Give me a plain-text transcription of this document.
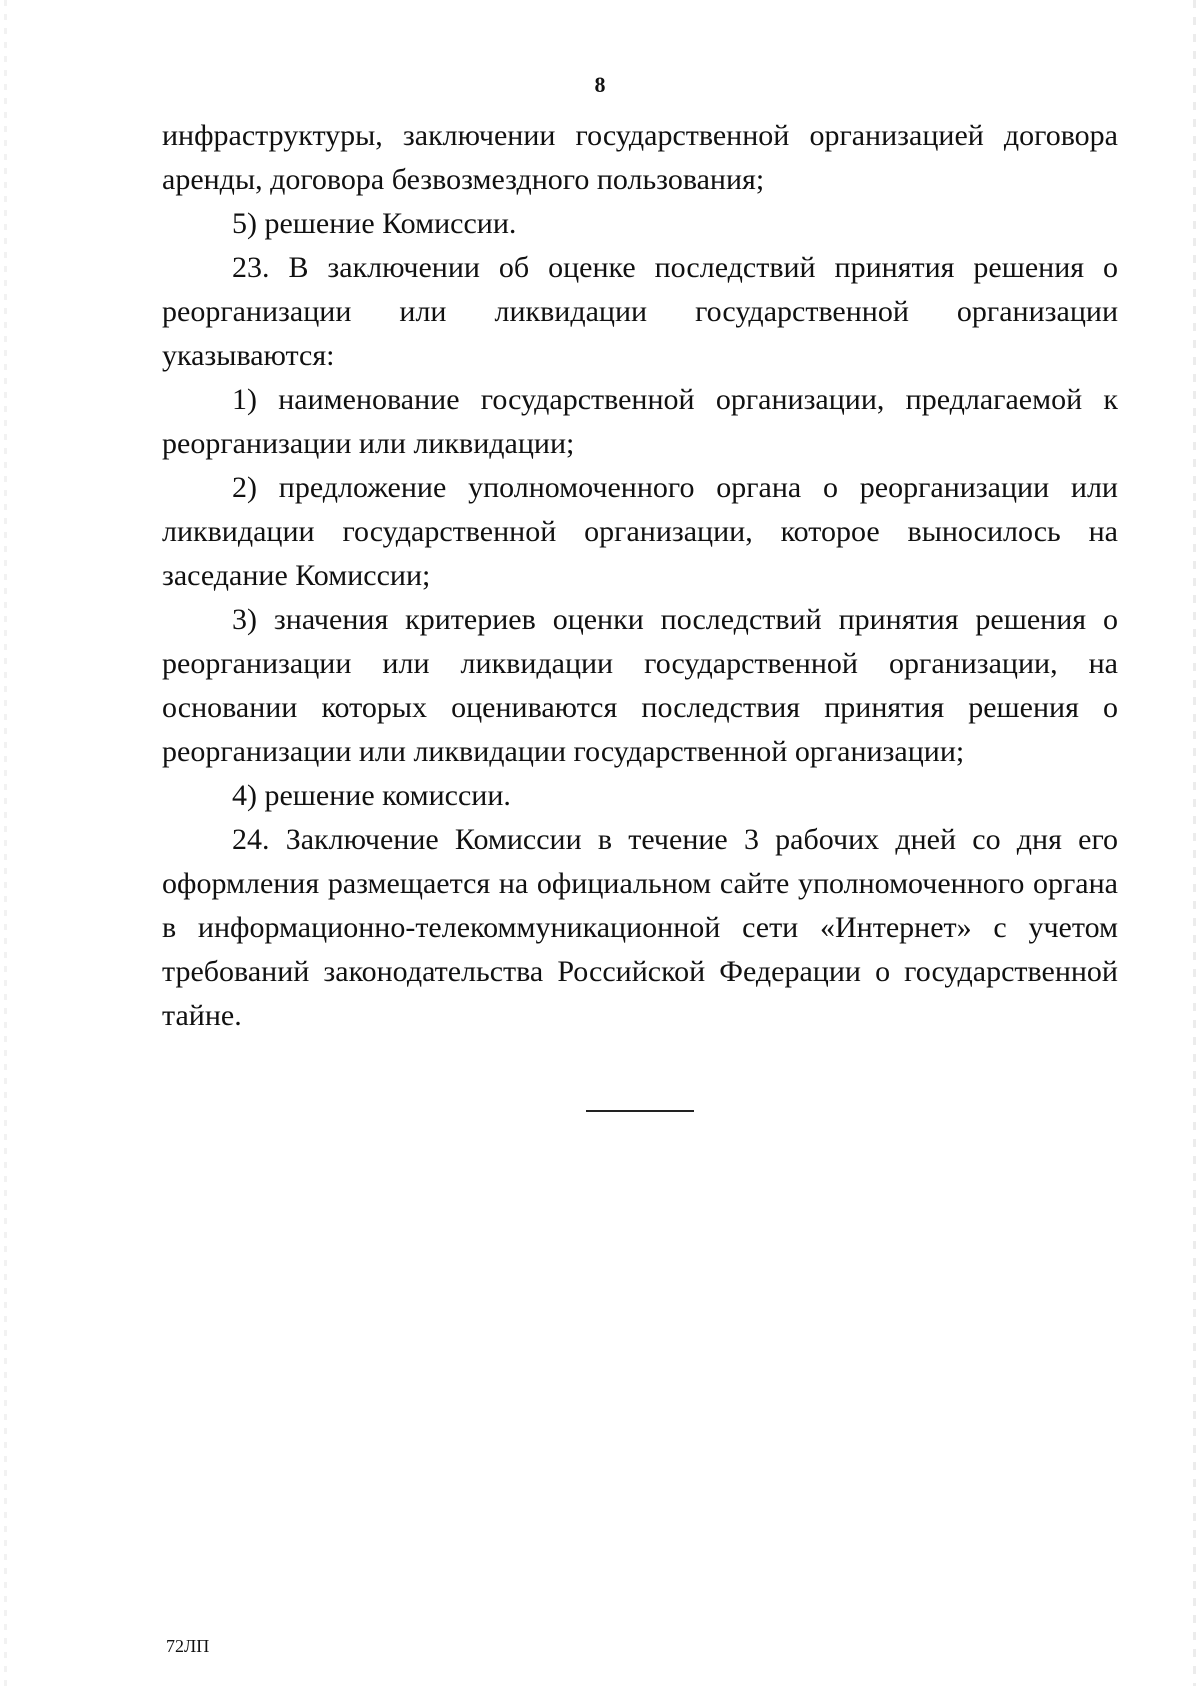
8

инфраструктуры, заключении государственной организацией договора аренды, договора безвозмездного пользования;

5) решение Комиссии.

23. В заключении об оценке последствий принятия решения о реорганизации или ликвидации государственной организации указываются:

1) наименование государственной организации, предлагаемой к реорганизации или ликвидации;

2) предложение уполномоченного органа о реорганизации или ликвидации государственной организации, которое выносилось на заседание Комиссии;

3) значения критериев оценки последствий принятия решения о реорганизации или ликвидации государственной организации, на основании которых оцениваются последствия принятия решения о реорганизации или ликвидации государственной организации;

4) решение комиссии.

24. Заключение Комиссии в течение 3 рабочих дней со дня его оформления размещается на официальном сайте уполномоченного органа в информационно-телекоммуникационной сети «Интернет» с учетом требований законодательства Российской Федерации о государственной тайне.

72ЛП
